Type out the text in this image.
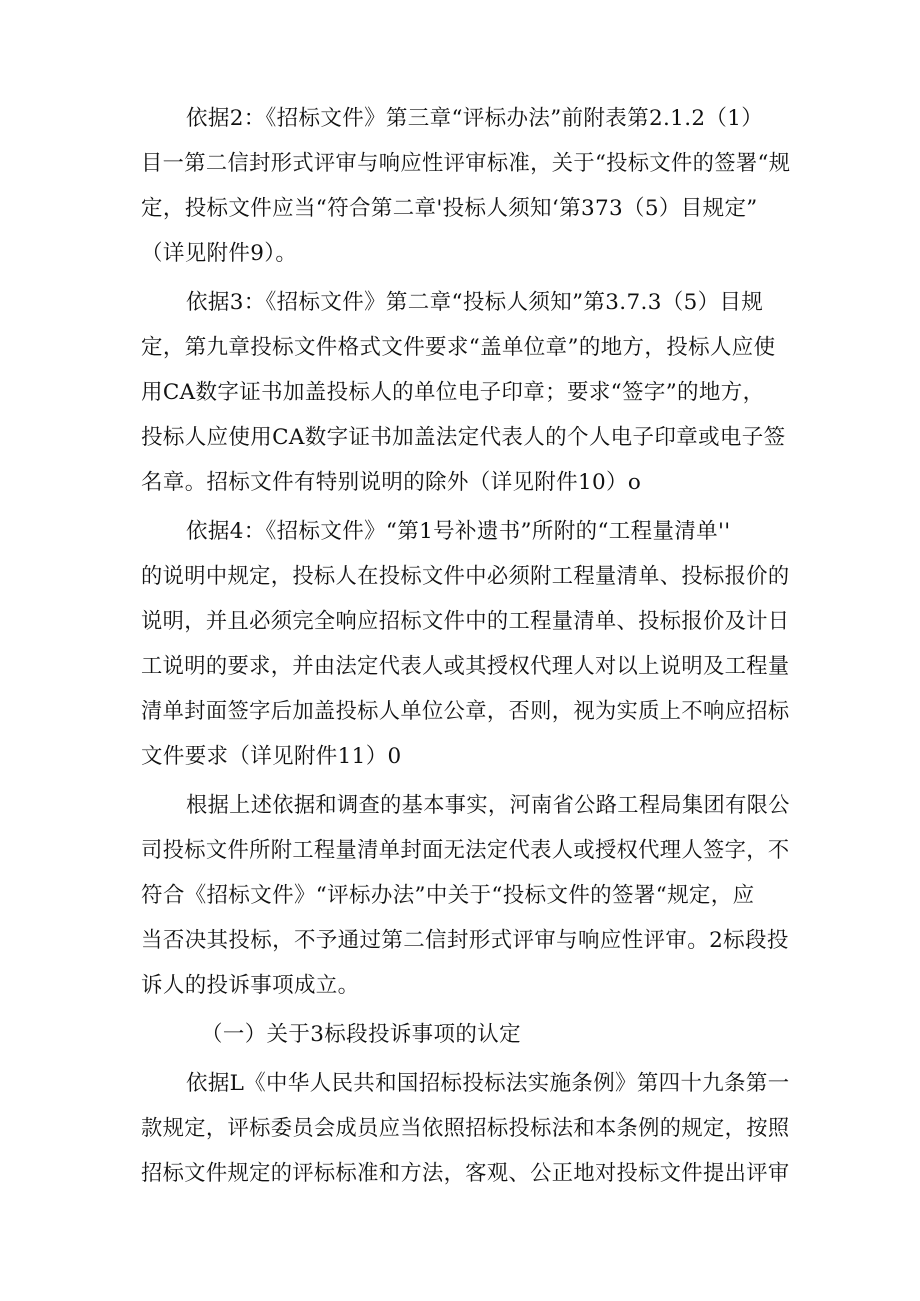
依据2：《招标文件》第三章“评标办法”前附表第2.1.2（1）
目一第二信封形式评审与响应性评审标准，关于“投标文件的签署“规
定，投标文件应当“符合第二章'投标人须知‘第373（5）目规定”
（详见附件9）。
依据3：《招标文件》第二章“投标人须知”第3.7.3（5）目规
定，第九章投标文件格式文件要求“盖单位章”的地方，投标人应使
用CA数字证书加盖投标人的单位电子印章；要求“签字”的地方，
投标人应使用CA数字证书加盖法定代表人的个人电子印章或电子签
名章。招标文件有特别说明的除外（详见附件10）o
依据4：《招标文件》“第1号补遗书”所附的“工程量清单''
的说明中规定，投标人在投标文件中必须附工程量清单、投标报价的
说明，并且必须完全响应招标文件中的工程量清单、投标报价及计日
工说明的要求，并由法定代表人或其授权代理人对以上说明及工程量
清单封面签字后加盖投标人单位公章，否则，视为实质上不响应招标
文件要求（详见附件11）0
根据上述依据和调查的基本事实，河南省公路工程局集团有限公
司投标文件所附工程量清单封面无法定代表人或授权代理人签字，不
符合《招标文件》“评标办法”中关于“投标文件的签署“规定，应
当否决其投标，不予通过第二信封形式评审与响应性评审。2标段投
诉人的投诉事项成立。
（一）关于3标段投诉事项的认定
依据L《中华人民共和国招标投标法实施条例》第四十九条第一
款规定，评标委员会成员应当依照招标投标法和本条例的规定，按照
招标文件规定的评标标准和方法，客观、公正地对投标文件提出评审
